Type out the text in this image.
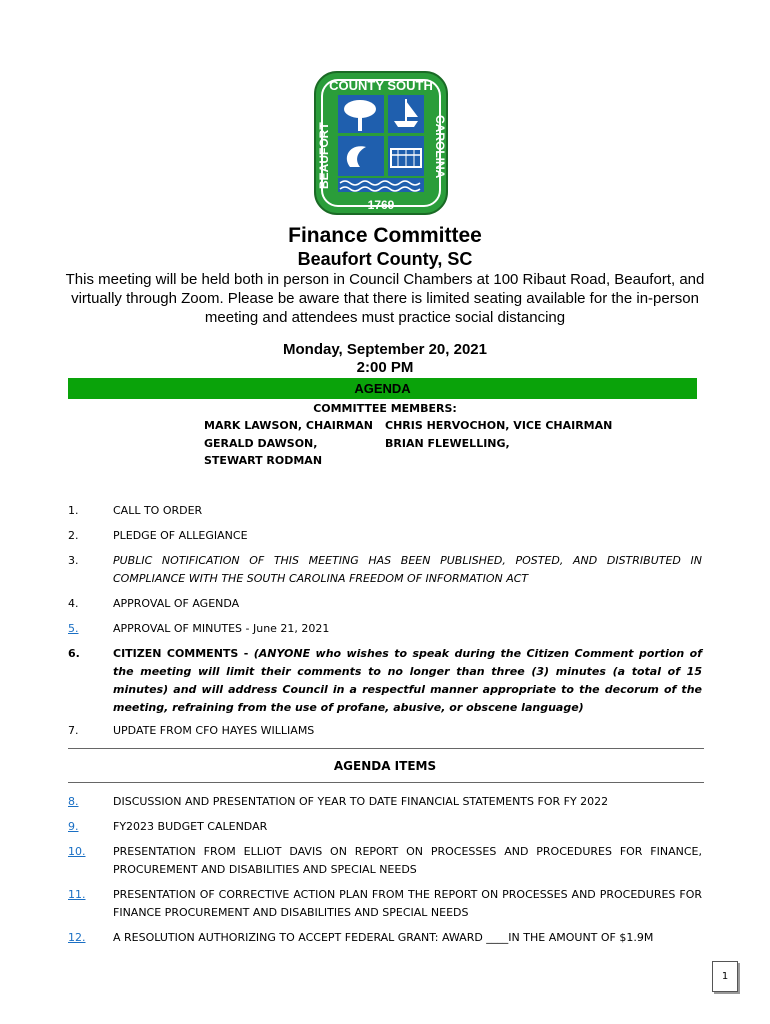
COUNTY SOUTH
BEAUFORT	CAROLINA
1769
Finance Committee
Beaufort County, SC
This meeting will be held both in person in Council Chambers at 100 Ribaut Road, Beaufort, and virtually through Zoom. Please be aware that there is limited seating available for the in-person meeting and attendees must practice social distancing
Monday, September 20, 2021
2:00 PM
AGENDA
COMMITTEE MEMBERS:
MARK LAWSON, CHAIRMAN CHRIS HERVOCHON, VICE CHAIRMAN
GERALD DAWSON,	BRIAN FLEWELLING,
STEWART RODMAN
1.	CALL TO ORDER
2.	PLEDGE OF ALLEGIANCE
3.	PUBLIC NOTIFICATION OF THIS MEETING HAS BEEN PUBLISHED, POSTED, AND DISTRIBUTED IN COMPLIANCE WITH THE SOUTH CAROLINA FREEDOM OF INFORMATION ACT
4.	APPROVAL OF AGENDA
5.	APPROVAL OF MINUTES - June 21, 2021
6.	CITIZEN COMMENTS - (ANYONE who wishes to speak during the Citizen Comment portion of the meeting will limit their comments to no longer than three (3) minutes (a total of 15 minutes) and will address Council in a respectful manner appropriate to the decorum of the meeting, refraining from the use of profane, abusive, or obscene language)
7.	UPDATE FROM CFO HAYES WILLIAMS
AGENDA ITEMS
8.	DISCUSSION AND PRESENTATION OF YEAR TO DATE FINANCIAL STATEMENTS FOR FY 2022
9.	FY2023 BUDGET CALENDAR
10.	PRESENTATION FROM ELLIOT DAVIS ON REPORT ON PROCESSES AND PROCEDURES FOR FINANCE, PROCUREMENT AND DISABILITIES AND SPECIAL NEEDS
11.	PRESENTATION OF CORRECTIVE ACTION PLAN FROM THE REPORT ON PROCESSES AND PROCEDURES FOR FINANCE PROCUREMENT AND DISABILITIES AND SPECIAL NEEDS
12.	A RESOLUTION AUTHORIZING TO ACCEPT FEDERAL GRANT: AWARD ____IN THE AMOUNT OF $1.9M
1
